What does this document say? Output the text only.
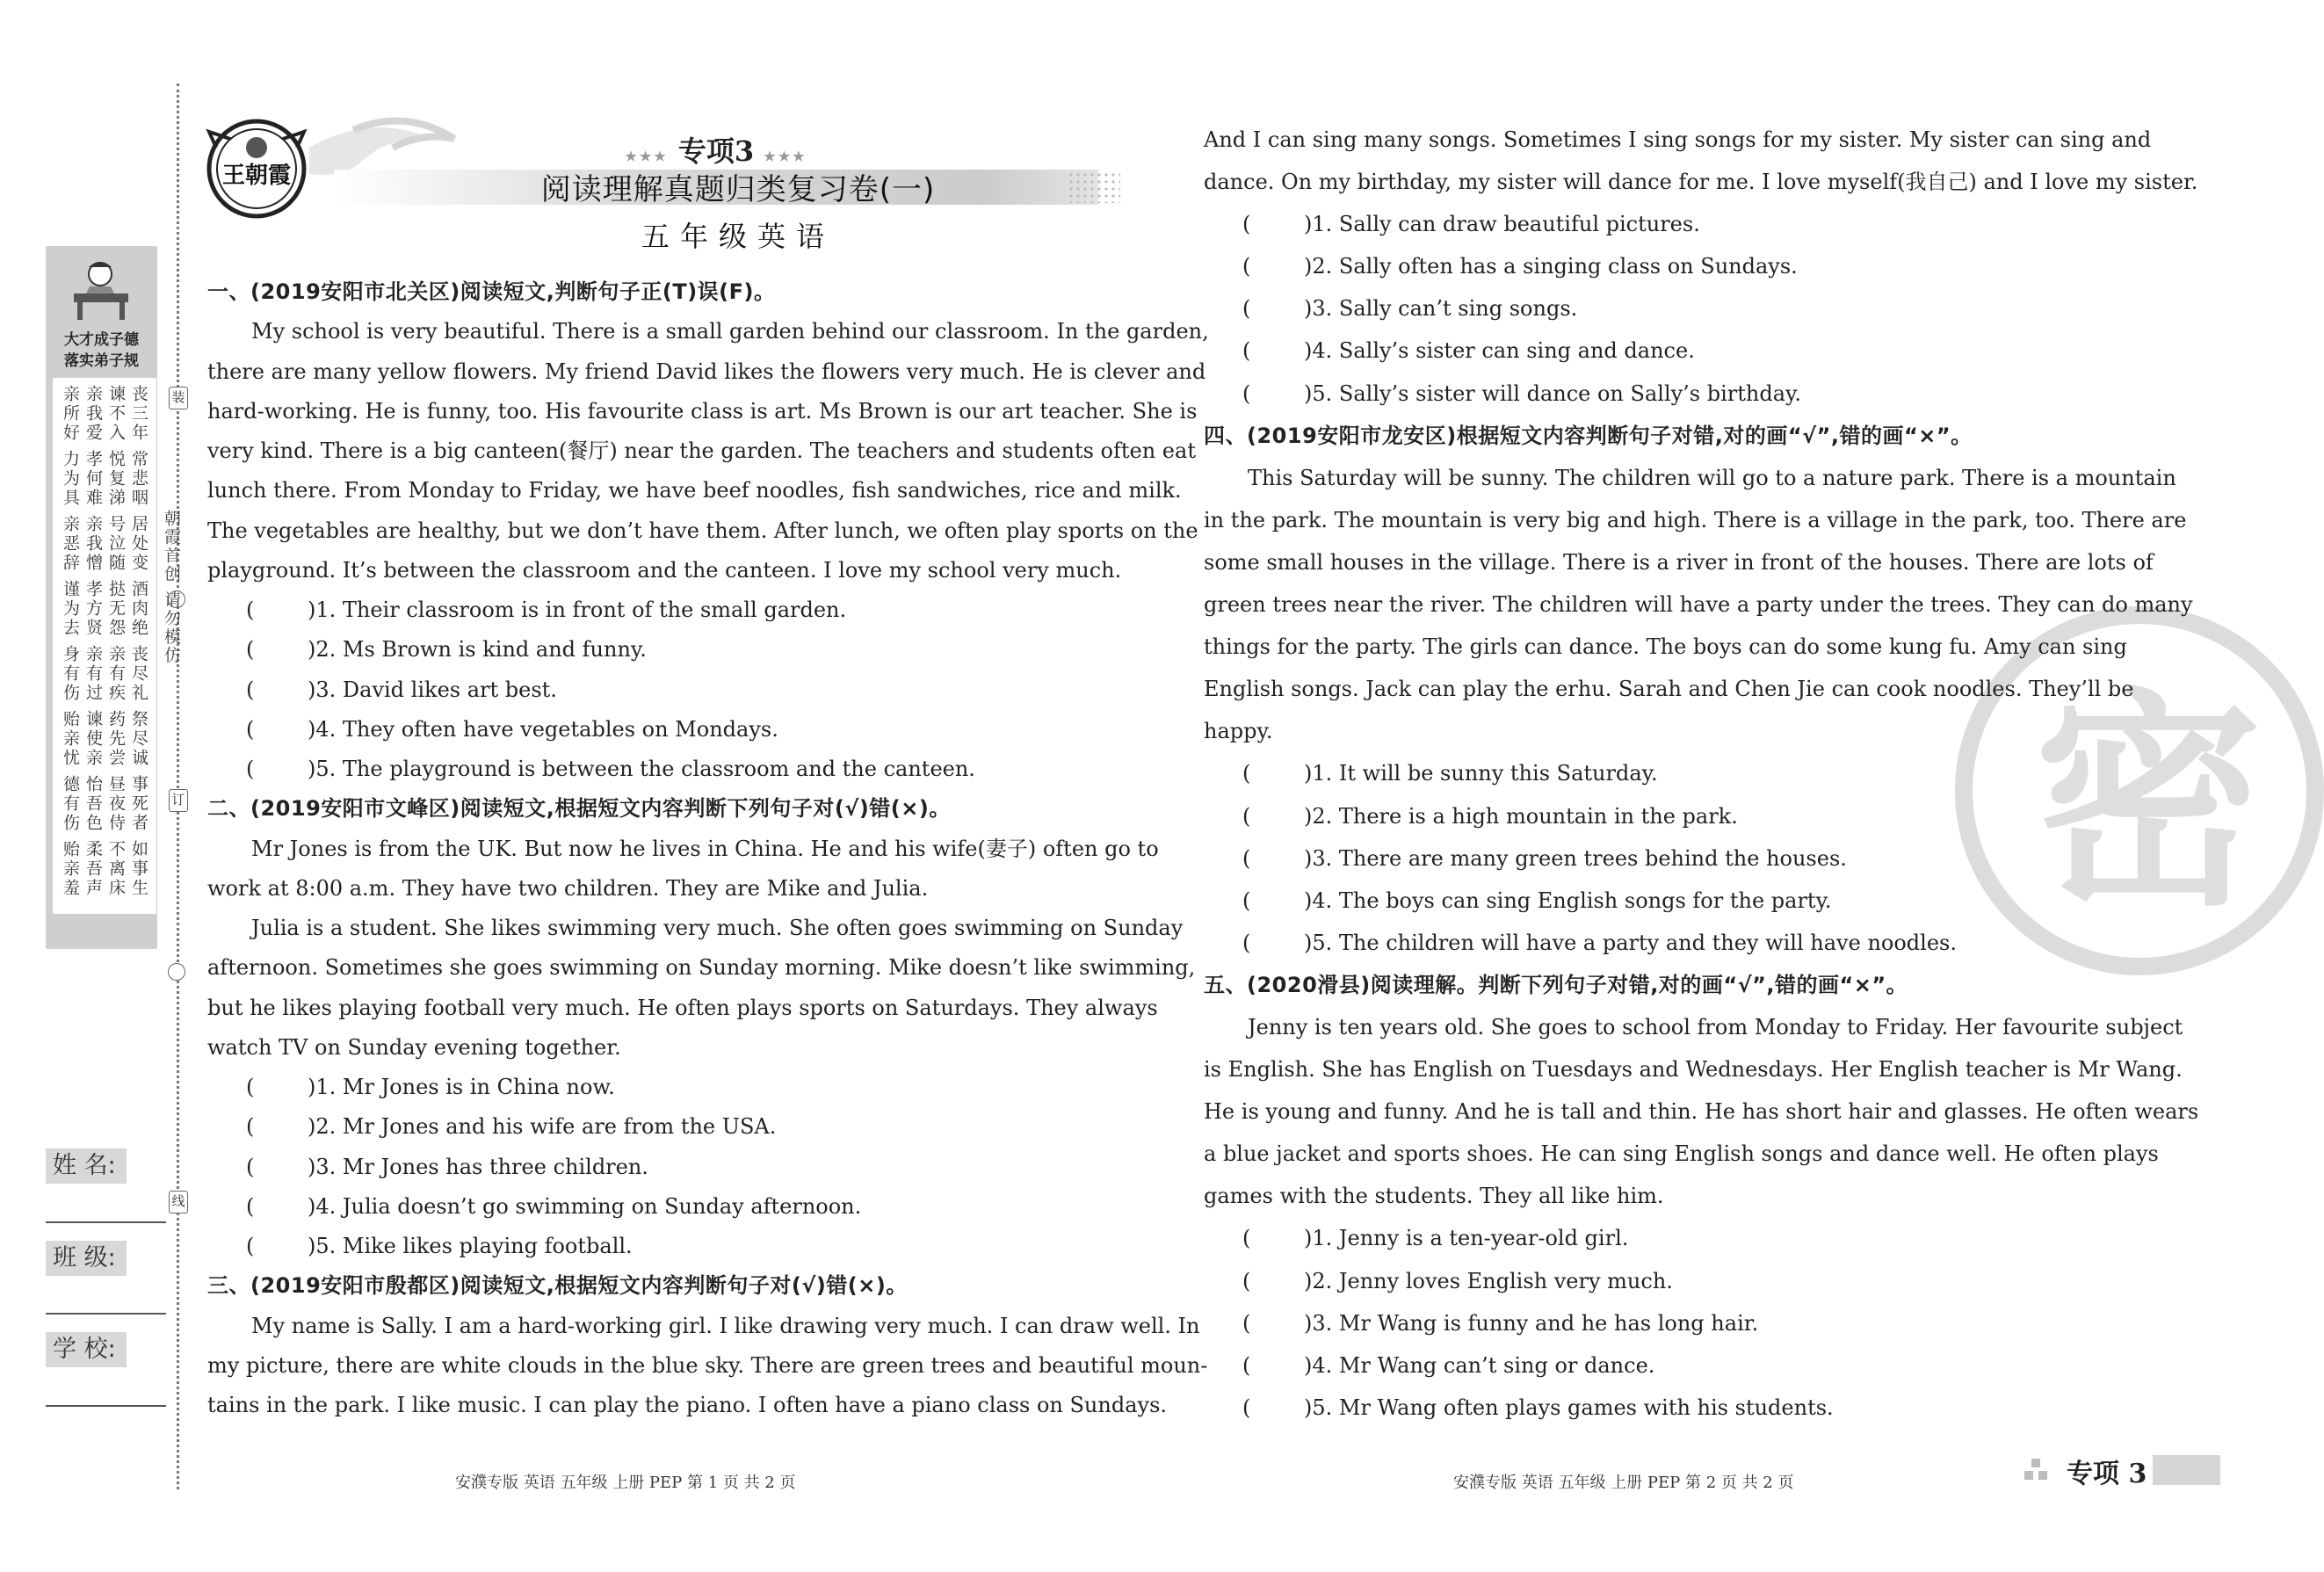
装
订
线
朝霞首创 请勿模仿
大才成子德
落实弟子规
丧三年
谏不入
亲我爱
亲所好
常悲咽
悦复涕
孝何难
力为具
居处变
号泣随
亲我憎
亲恶辞
酒肉绝
挞无怨
孝方贤
谨为去
丧尽礼
亲有疾
亲有过
身有伤
祭尽诚
药先尝
谏使亲
贻亲忧
事死者
昼夜侍
怡吾色
德有伤
如事生
不离床
柔吾声
贻亲羞
姓 名:
班 级:
学 校:
王朝霞
★★★ 专项3 ★★★
阅读理解真题归类复习卷(一)
五年级英语
密
一、(2019安阳市北关区)阅读短文,判断句子正(T)误(F)。
My school is very beautiful. There is a small garden behind our classroom. In the garden,
there are many yellow flowers. My friend David likes the flowers very much. He is clever and
hard-working. He is funny, too. His favourite class is art. Ms Brown is our art teacher. She is
very kind. There is a big canteen(餐厅) near the garden. The teachers and students often eat
lunch there. From Monday to Friday, we have beef noodles, fish sandwiches, rice and milk.
The vegetables are healthy, but we don’t have them. After lunch, we often play sports on the
playground. It’s between the classroom and the canteen. I love my school very much.
(	)1. Their classroom is in front of the small garden.
(	)2. Ms Brown is kind and funny.
(	)3. David likes art best.
(	)4. They often have vegetables on Mondays.
(	)5. The playground is between the classroom and the canteen.
二、(2019安阳市文峰区)阅读短文,根据短文内容判断下列句子对(√)错(×)。
Mr Jones is from the UK. But now he lives in China. He and his wife(妻子) often go to
work at 8:00 a.m. They have two children. They are Mike and Julia.
Julia is a student. She likes swimming very much. She often goes swimming on Sunday
afternoon. Sometimes she goes swimming on Sunday morning. Mike doesn’t like swimming,
but he likes playing football very much. He often plays sports on Saturdays. They always
watch TV on Sunday evening together.
(	)1. Mr Jones is in China now.
(	)2. Mr Jones and his wife are from the USA.
(	)3. Mr Jones has three children.
(	)4. Julia doesn’t go swimming on Sunday afternoon.
(	)5. Mike likes playing football.
三、(2019安阳市殷都区)阅读短文,根据短文内容判断句子对(√)错(×)。
My name is Sally. I am a hard-working girl. I like drawing very much. I can draw well. In
my picture, there are white clouds in the blue sky. There are green trees and beautiful moun-
tains in the park. I like music. I can play the piano. I often have a piano class on Sundays.
And I can sing many songs. Sometimes I sing songs for my sister. My sister can sing and
dance. On my birthday, my sister will dance for me. I love myself(我自己) and I love my sister.
(	)1. Sally can draw beautiful pictures.
(	)2. Sally often has a singing class on Sundays.
(	)3. Sally can’t sing songs.
(	)4. Sally’s sister can sing and dance.
(	)5. Sally’s sister will dance on Sally’s birthday.
四、(2019安阳市龙安区)根据短文内容判断句子对错,对的画“√”,错的画“×”。
This Saturday will be sunny. The children will go to a nature park. There is a mountain
in the park. The mountain is very big and high. There is a village in the park, too. There are
some small houses in the village. There is a river in front of the houses. There are lots of
green trees near the river. The children will have a party under the trees. They can do many
things for the party. The girls can dance. The boys can do some kung fu. Amy can sing
English songs. Jack can play the erhu. Sarah and Chen Jie can cook noodles. They’ll be
happy.
(	)1. It will be sunny this Saturday.
(	)2. There is a high mountain in the park.
(	)3. There are many green trees behind the houses.
(	)4. The boys can sing English songs for the party.
(	)5. The children will have a party and they will have noodles.
五、(2020滑县)阅读理解。判断下列句子对错,对的画“√”,错的画“×”。
Jenny is ten years old. She goes to school from Monday to Friday. Her favourite subject
is English. She has English on Tuesdays and Wednesdays. Her English teacher is Mr Wang.
He is young and funny. And he is tall and thin. He has short hair and glasses. He often wears
a blue jacket and sports shoes. He can sing English songs and dance well. He often plays
games with the students. They all like him.
(	)1. Jenny is a ten-year-old girl.
(	)2. Jenny loves English very much.
(	)3. Mr Wang is funny and he has long hair.
(	)4. Mr Wang can’t sing or dance.
(	)5. Mr Wang often plays games with his students.
安濮专版 英语 五年级 上册 PEP 第 1 页 共 2 页	安濮专版 英语 五年级 上册 PEP 第 2 页 共 2 页	专项 3
